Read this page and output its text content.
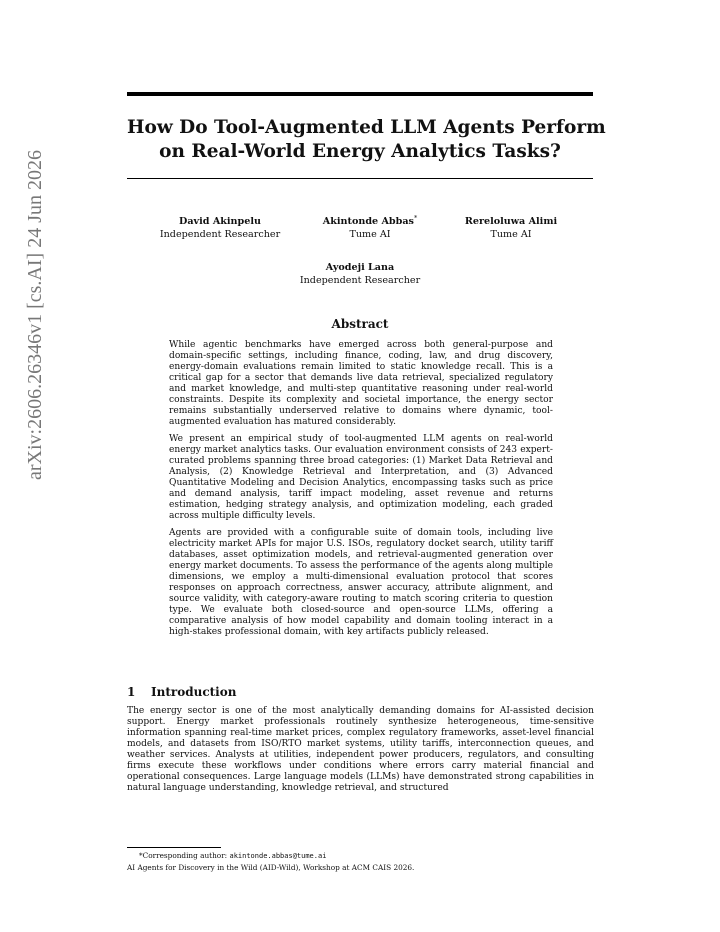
arXiv:2606.26346v1 [cs.AI] 24 Jun 2026
How Do Tool-Augmented LLM Agents Perform
on Real-World Energy Analytics Tasks?
David Akinpelu
Independent Researcher
Akintonde Abbas*
Tume AI
Rereloluwa Alimi
Tume AI
Ayodeji Lana
Independent Researcher
Abstract

While agentic benchmarks have emerged across both general-purpose and domain-specific settings, including finance, coding, law, and drug discovery, energy-domain evaluations remain limited to static knowledge recall. This is a critical gap for a sector that demands live data retrieval, specialized regulatory and market knowledge, and multi-step quantitative reasoning under real-world constraints. Despite its complexity and societal importance, the energy sector remains substantially underserved relative to domains where dynamic, tool-augmented evaluation has matured considerably.

We present an empirical study of tool-augmented LLM agents on real-world energy market analytics tasks. Our evaluation environment consists of 243 expert-curated problems spanning three broad categories: (1) Market Data Retrieval and Analysis, (2) Knowledge Retrieval and Interpretation, and (3) Advanced Quantitative Modeling and Decision Analytics, encompassing tasks such as price and demand analysis, tariff impact modeling, asset revenue and returns estimation, hedging strategy analysis, and optimization modeling, each graded across multiple difficulty levels.

Agents are provided with a configurable suite of domain tools, including live electricity market APIs for major U.S. ISOs, regulatory docket search, utility tariff databases, asset optimization models, and retrieval-augmented generation over energy market documents. To assess the performance of the agents along multiple dimensions, we employ a multi-dimensional evaluation protocol that scores responses on approach correctness, answer accuracy, attribute alignment, and source validity, with category-aware routing to match scoring criteria to question type. We evaluate both closed-source and open-source LLMs, offering a comparative analysis of how model capability and domain tooling interact in a high-stakes professional domain, with key artifacts publicly released.

1 Introduction

The energy sector is one of the most analytically demanding domains for AI-assisted decision support. Energy market professionals routinely synthesize heterogeneous, time-sensitive information spanning real-time market prices, complex regulatory frameworks, asset-level financial models, and datasets from ISO/RTO market systems, utility tariffs, interconnection queues, and weather services. Analysts at utilities, independent power producers, regulators, and consulting firms execute these workflows under conditions where errors carry material financial and operational consequences. Large language models (LLMs) have demonstrated strong capabilities in natural language understanding, knowledge retrieval, and structured

*Corresponding author: akintonde.abbas@tume.ai
AI Agents for Discovery in the Wild (AID-Wild), Workshop at ACM CAIS 2026.
